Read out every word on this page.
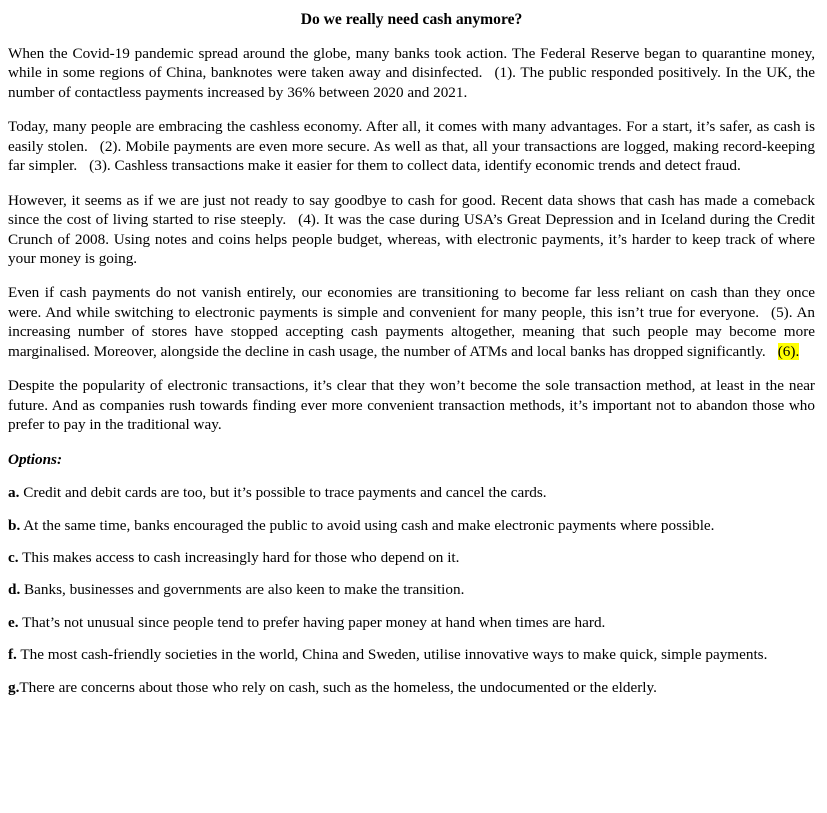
Do we really need cash anymore?

When the Covid-19 pandemic spread around the globe, many banks took action. The Federal Reserve began to quarantine money, while in some regions of China, banknotes were taken away and disinfected. (1). The public responded positively. In the UK, the number of contactless payments increased by 36% between 2020 and 2021.

Today, many people are embracing the cashless economy. After all, it comes with many advantages. For a start, it’s safer, as cash is easily stolen. (2). Mobile payments are even more secure. As well as that, all your transactions are logged, making record-keeping far simpler. (3). Cashless transactions make it easier for them to collect data, identify economic trends and detect fraud.

However, it seems as if we are just not ready to say goodbye to cash for good. Recent data shows that cash has made a comeback since the cost of living started to rise steeply. (4). It was the case during USA’s Great Depression and in Iceland during the Credit Crunch of 2008. Using notes and coins helps people budget, whereas, with electronic payments, it’s harder to keep track of where your money is going.

Even if cash payments do not vanish entirely, our economies are transitioning to become far less reliant on cash than they once were. And while switching to electronic payments is simple and convenient for many people, this isn’t true for everyone. (5). An increasing number of stores have stopped accepting cash payments altogether, meaning that such people may become more marginalised. Moreover, alongside the decline in cash usage, the number of ATMs and local banks has dropped significantly. (6).

Despite the popularity of electronic transactions, it’s clear that they won’t become the sole transaction method, at least in the near future. And as companies rush towards finding ever more convenient transaction methods, it’s important not to abandon those who prefer to pay in the traditional way.

Options:

a. Credit and debit cards are too, but it’s possible to trace payments and cancel the cards.

b. At the same time, banks encouraged the public to avoid using cash and make electronic payments where possible.

c. This makes access to cash increasingly hard for those who depend on it.

d. Banks, businesses and governments are also keen to make the transition.

e. That’s not unusual since people tend to prefer having paper money at hand when times are hard.

f. The most cash-friendly societies in the world, China and Sweden, utilise innovative ways to make quick, simple payments.

g.There are concerns about those who rely on cash, such as the homeless, the undocumented or the elderly.
